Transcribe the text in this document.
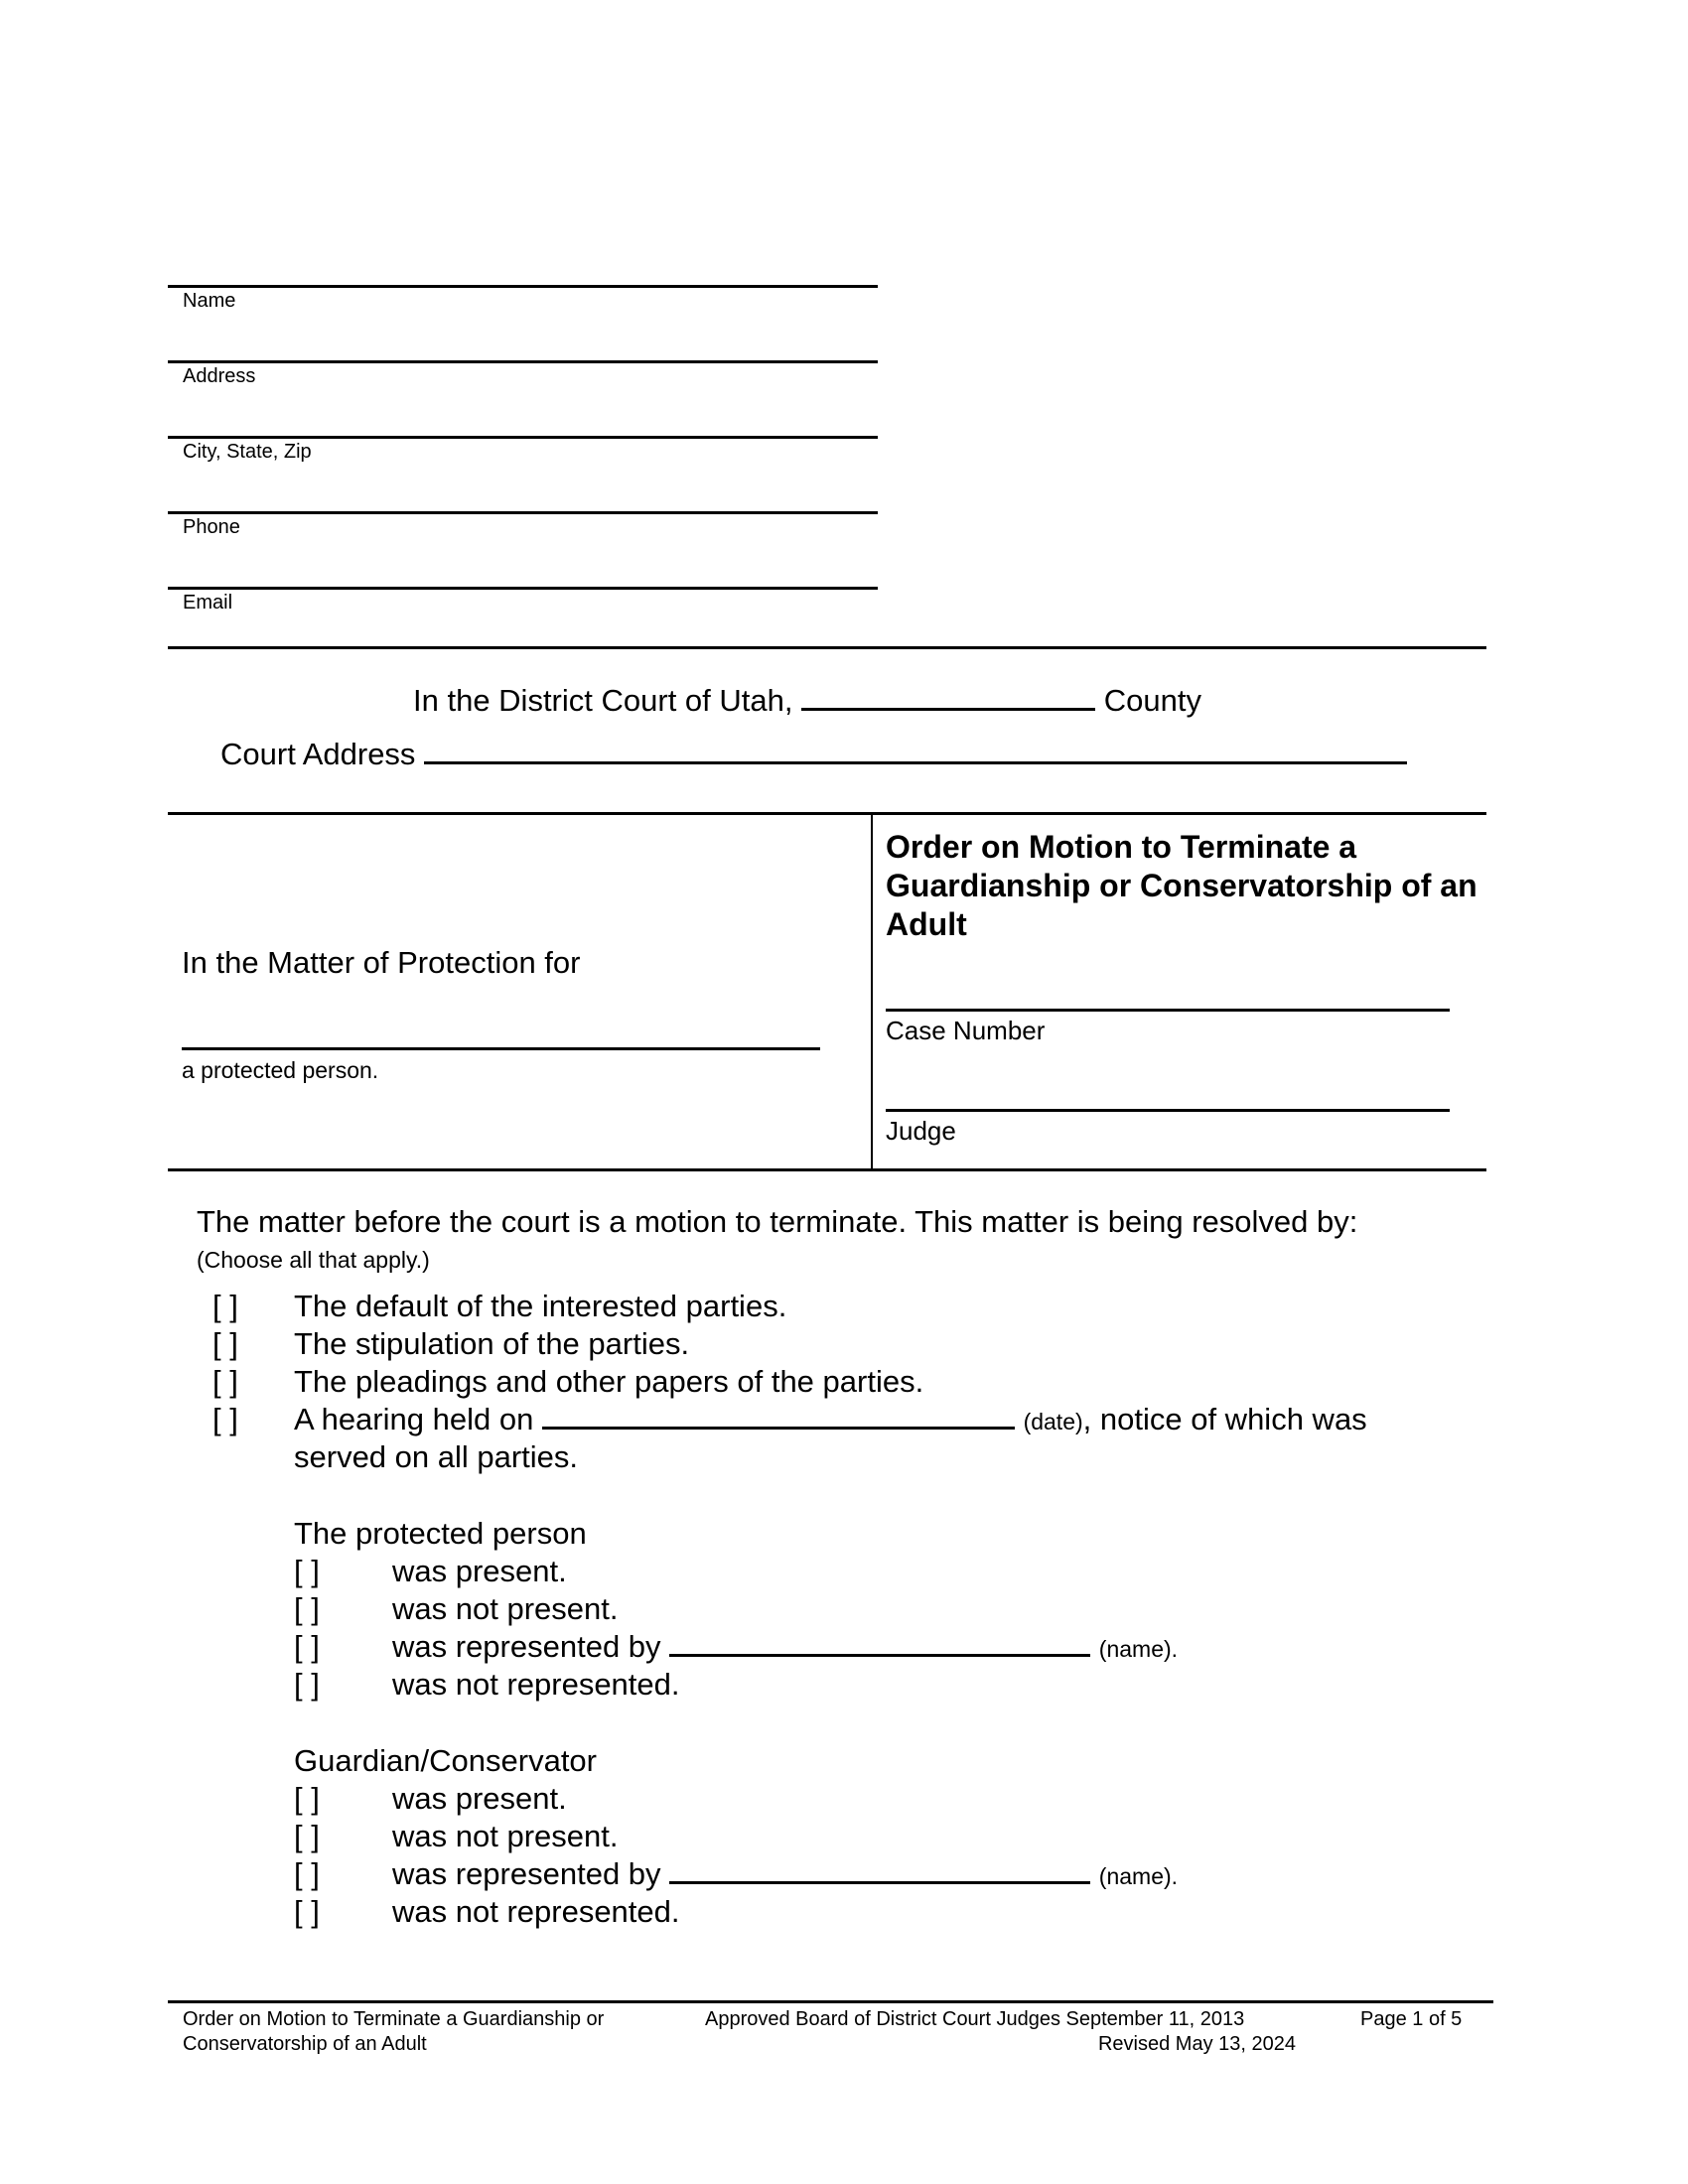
Name
Address
City, State, Zip
Phone
Email
In the District Court of Utah,	County
Court Address
In the Matter of Protection for
a protected person.
Order on Motion to Terminate a Guardianship or Conservatorship of an Adult
Case Number
Judge
The matter before the court is a motion to terminate. This matter is being resolved by:
(Choose all that apply.)
[ ] The default of the interested parties.
[ ] The stipulation of the parties.
[ ] The pleadings and other papers of the parties.
[ ] A hearing held on	(date), notice of which was
served on all parties.
The protected person
[ ] was present.
[ ] was not present.
[ ] was represented by	(name).
[ ] was not represented.
Guardian/Conservator
[ ] was present.
[ ] was not present.
[ ] was represented by	(name).
[ ] was not represented.
Order on Motion to Terminate a Guardianship or
Conservatorship of an Adult
Approved Board of District Court Judges September 11, 2013
Revised May 13, 2024
Page 1 of 5
